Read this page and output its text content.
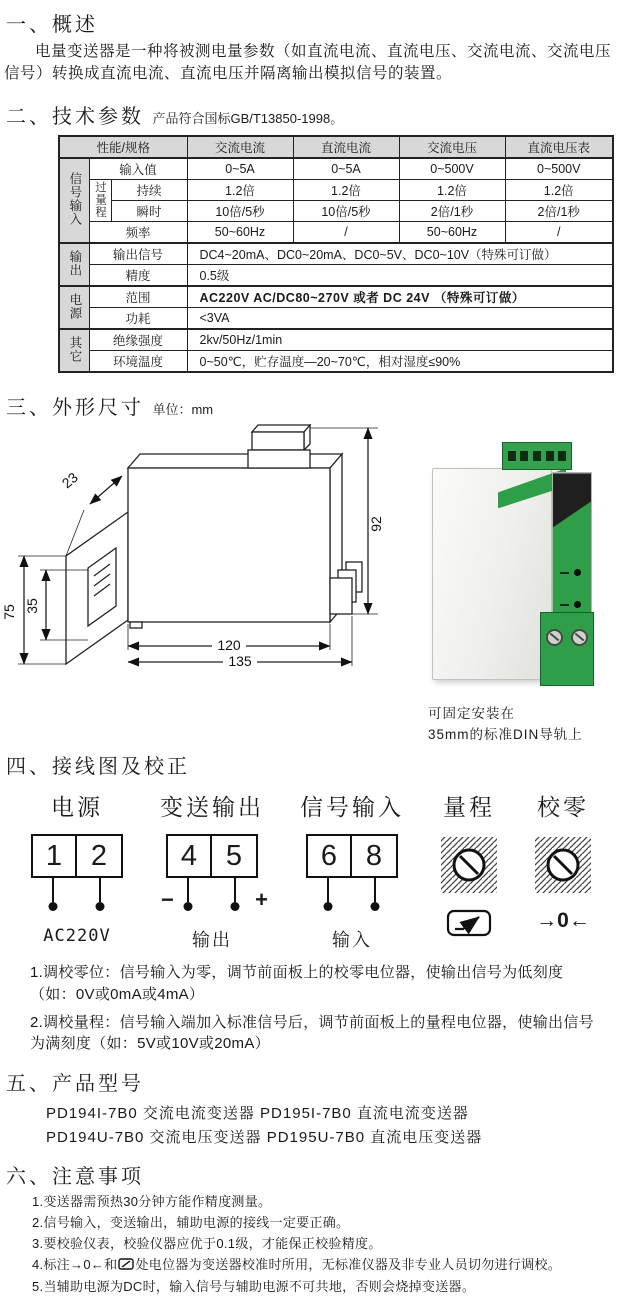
一、概述

电量变送器是一种将被测电量参数（如直流电流、直流电压、交流电流、交流电压信号）转换成直流电流、直流电压并隔离输出模拟信号的装置。

二、技术参数 产品符合国标GB/T13850-1998。
性能/规格			交流电流	直流电流	交流电压	直流电压表
信号输入	输入值		0~5A	0~5A	0~500V	0~500V
	过量程	持续	1.2倍	1.2倍	1.2倍	1.2倍
		瞬时	10倍/5秒	10倍/5秒	2倍/1秒	2倍/1秒
	频率		50~60Hz	/	50~60Hz	/
输出	输出信号		DC4~20mA、DC0~20mA、DC0~5V、DC0~10V（特殊可订做）			
	精度		0.5级			
电源	范围		AC220V AC/DC80~270V 或者 DC 24V （特殊可订做）			
	功耗		<3VA			
其它	绝缘强度		2kv/50Hz/1min			
	环境温度		0~50℃，贮存温度—20~70℃，相对湿度≤90%			
三、外形尺寸 单位：mm
23
92
120
135
75 35
可固定安装在
35mm的标准DIN导轨上
四、接线图及校正
电源
1 2
AC220V
变送输出
4 5
−	+
输出
信号输入
6 8
输入
量程 校零
→0←
1.调校零位：信号输入为零，调节前面板上的校零电位器，使输出信号为低刻度（如：0V或0mA或4mA）
2.调校量程：信号输入端加入标准信号后，调节前面板上的量程电位器，使输出信号为满刻度（如：5V或10V或20mA）
五、产品型号
PD194I-7B0 交流电流变送器 PD195I-7B0 直流电流变送器
PD194U-7B0 交流电压变送器 PD195U-7B0 直流电压变送器
六、注意事项
1.变送器需预热30分钟方能作精度测量。
2.信号输入，变送输出，辅助电源的接线一定要正确。
3.要校验仪表，校验仪器应优于0.1级，才能保正校验精度。
4.标注→0←和 处电位器为变送器校准时所用，无标准仪器及非专业人员切勿进行调校。
5.当辅助电源为DC时，输入信号与辅助电源不可共地，否则会烧掉变送器。
